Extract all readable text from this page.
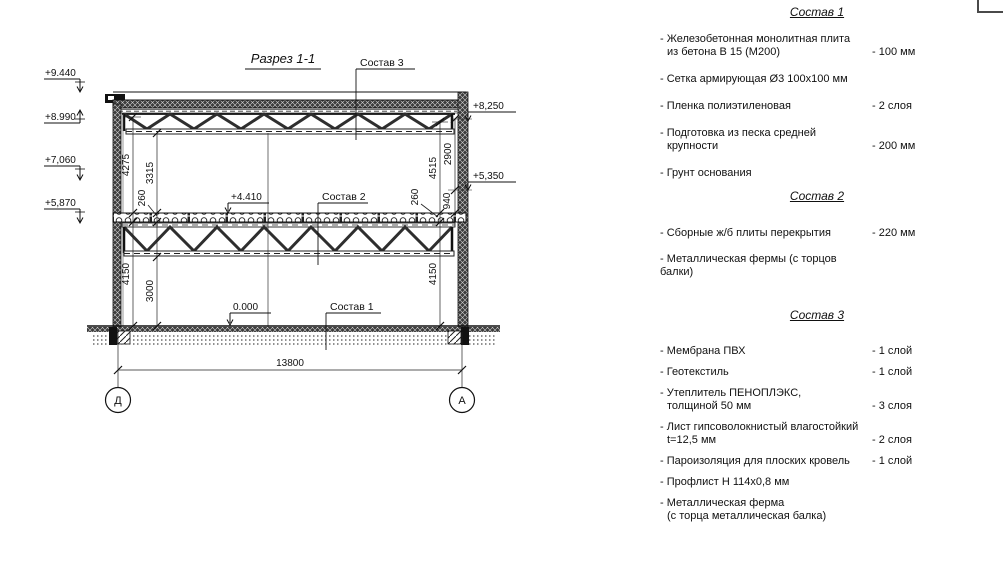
Разрез 1-1
4275 3315
260
4150
3000
4515
2900
260 940
4150
13800
+9.440
+8.990
+7,060
+5,870
+8,250
+5,350
+4.410
0.000
Состав 3
Состав 2
Состав 1
Д	А
Состав 1
- Железобетонная монолитная плита
из бетона В 15 (М200)	- 100 мм
- Сетка армирующая Ø3 100х100 мм
- Пленка полиэтиленовая	- 2 слоя
- Подготовка из песка средней
крупности	- 200 мм
- Грунт основания
Состав 2
- Сборные ж/б плиты перекрытия	- 220 мм
- Металлическая фермы (с торцов балки)
Состав 3
- Мембрана ПВХ	- 1 слой
- Геотекстиль	- 1 слой
- Утеплитель ПЕНОПЛЭКС,
толщиной 50 мм	- 3 слоя
- Лист гипсоволокнистый влагостойкий
t=12,5 мм	- 2 слоя
- Пароизоляция для плоских кровель	- 1 слой
- Профлист Н 114х0,8 мм
- Металлическая ферма
(с торца металлическая балка)
